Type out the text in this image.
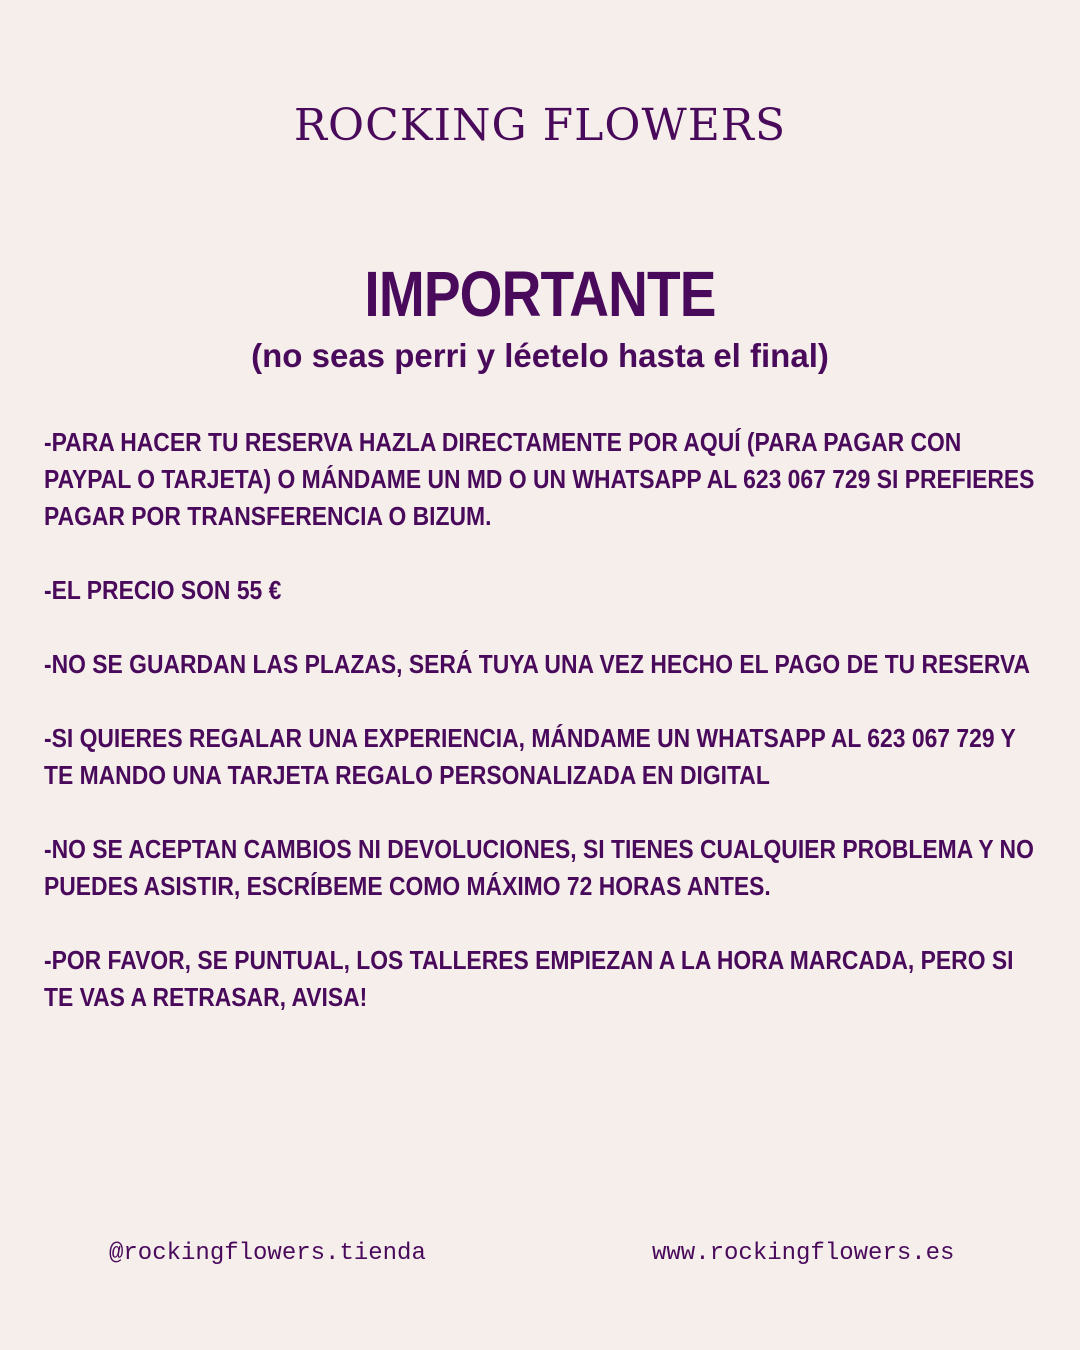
ROCKING FLOWERS
IMPORTANTE
(no seas perri y léetelo hasta el final)

-PARA HACER TU RESERVA HAZLA DIRECTAMENTE POR AQUÍ (PARA PAGAR CON PAYPAL O TARJETA) O MÁNDAME UN MD O UN WHATSAPP AL 623 067 729 SI PREFIERES PAGAR POR TRANSFERENCIA O BIZUM.

-EL PRECIO SON 55 €

-NO SE GUARDAN LAS PLAZAS, SERÁ TUYA UNA VEZ HECHO EL PAGO DE TU RESERVA

-SI QUIERES REGALAR UNA EXPERIENCIA, MÁNDAME UN WHATSAPP AL 623 067 729 Y TE MANDO UNA TARJETA REGALO PERSONALIZADA EN DIGITAL

-NO SE ACEPTAN CAMBIOS NI DEVOLUCIONES, SI TIENES CUALQUIER PROBLEMA Y NO PUEDES ASISTIR, ESCRÍBEME COMO MÁXIMO 72 HORAS ANTES.

-POR FAVOR, SE PUNTUAL, LOS TALLERES EMPIEZAN A LA HORA MARCADA, PERO SI TE VAS A RETRASAR, AVISA!

@rockingflowers.tienda	www.rockingflowers.es
